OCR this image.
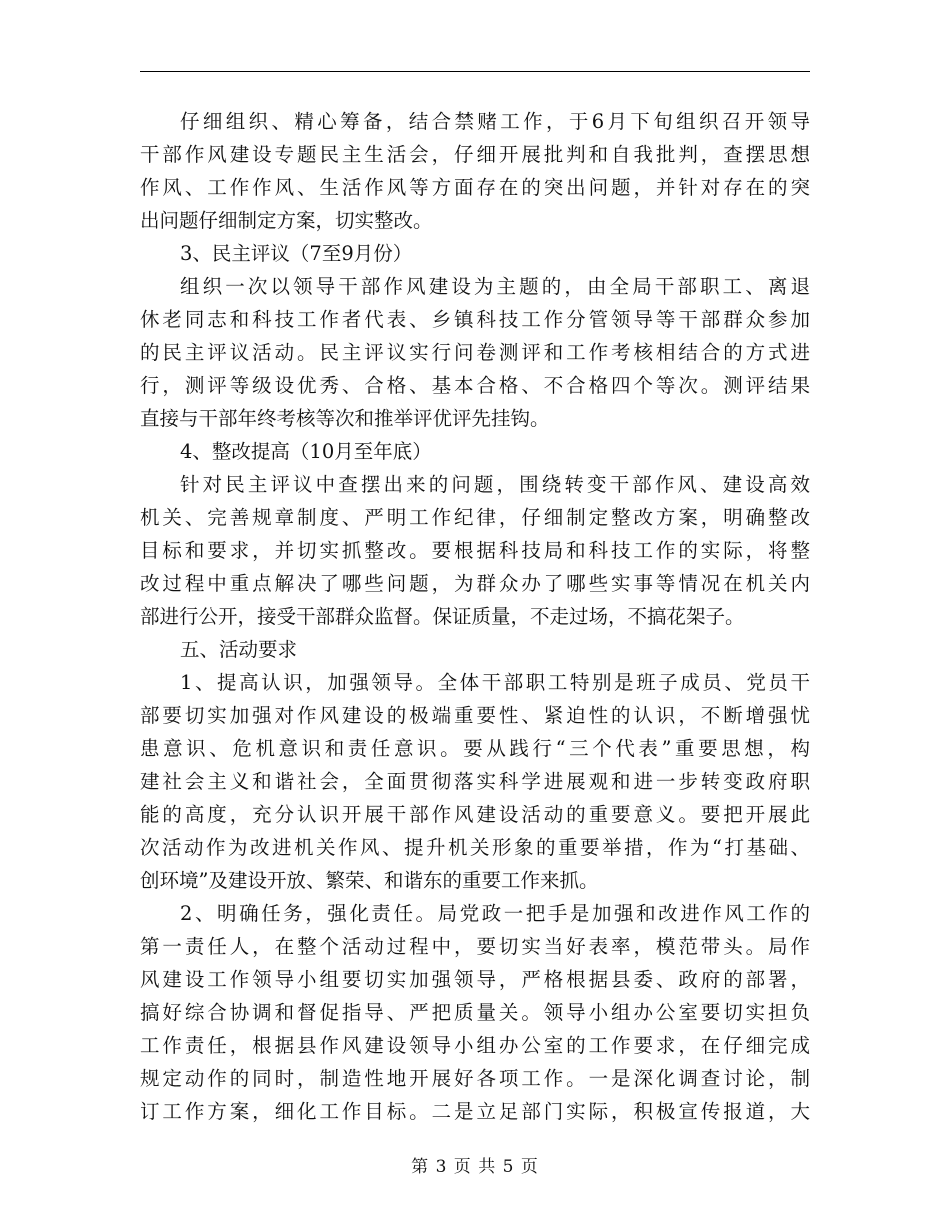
仔细组织、精心筹备，结合禁赌工作，于6月下旬组织召开领导
干部作风建设专题民主生活会，仔细开展批判和自我批判，查摆思想
作风、工作作风、生活作风等方面存在的突出问题，并针对存在的突
出问题仔细制定方案，切实整改。
3、民主评议（7至9月份）
组织一次以领导干部作风建设为主题的，由全局干部职工、离退
休老同志和科技工作者代表、乡镇科技工作分管领导等干部群众参加
的民主评议活动。民主评议实行问卷测评和工作考核相结合的方式进
行，测评等级设优秀、合格、基本合格、不合格四个等次。测评结果
直接与干部年终考核等次和推举评优评先挂钩。
4、整改提高（10月至年底）
针对民主评议中查摆出来的问题，围绕转变干部作风、建设高效
机关、完善规章制度、严明工作纪律，仔细制定整改方案，明确整改
目标和要求，并切实抓整改。要根据科技局和科技工作的实际，将整
改过程中重点解决了哪些问题，为群众办了哪些实事等情况在机关内
部进行公开，接受干部群众监督。保证质量，不走过场，不搞花架子。
五、活动要求
1、提高认识，加强领导。全体干部职工特别是班子成员、党员干
部要切实加强对作风建设的极端重要性、紧迫性的认识，不断增强忧
患意识、危机意识和责任意识。要从践行“三个代表”重要思想，构
建社会主义和谐社会，全面贯彻落实科学进展观和进一步转变政府职
能的高度，充分认识开展干部作风建设活动的重要意义。要把开展此
次活动作为改进机关作风、提升机关形象的重要举措，作为“打基础、
创环境”及建设开放、繁荣、和谐东的重要工作来抓。
2、明确任务，强化责任。局党政一把手是加强和改进作风工作的
第一责任人，在整个活动过程中，要切实当好表率，模范带头。局作
风建设工作领导小组要切实加强领导，严格根据县委、政府的部署，
搞好综合协调和督促指导、严把质量关。领导小组办公室要切实担负
工作责任，根据县作风建设领导小组办公室的工作要求，在仔细完成
规定动作的同时，制造性地开展好各项工作。一是深化调查讨论，制
订工作方案，细化工作目标。二是立足部门实际，积极宣传报道，大
第 3 页 共 5 页
